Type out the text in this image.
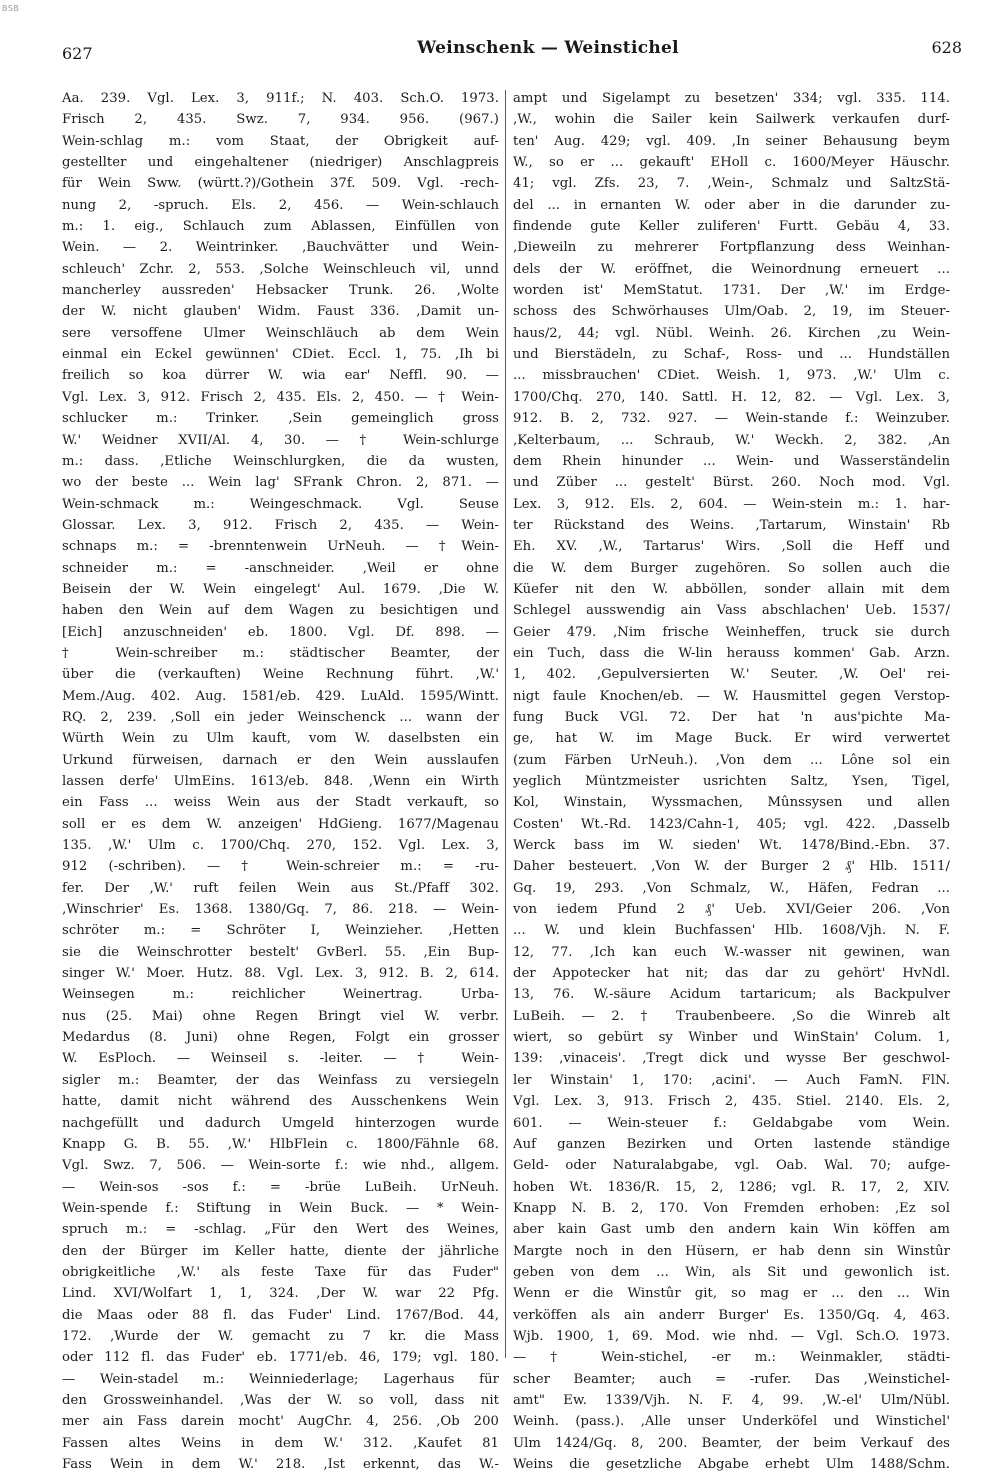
BSB
627	Weinschenk — Weinstichel	628
Aa. 239. Vgl. Lex. 3, 911f.; N. 403. Sch.O. 1973.
Frisch 2, 435. Swz. 7, 934. 956. (967.)
Wein-schlag m.: vom Staat, der Obrigkeit auf-
gestellter und eingehaltener (niedriger) Anschlagpreis
für Wein Sww. (württ.?)/Gothein 37f. 509. Vgl. -rech-
nung 2, -spruch. Els. 2, 456. — Wein-schlauch
m.: 1. eig., Schlauch zum Ablassen, Einfüllen von
Wein. — 2. Weintrinker. ‚Bauchvätter und Wein-
schleuch' Zchr. 2, 553. ‚Solche Weinschleuch vil, unnd
mancherley aussreden' Hebsacker Trunk. 26. ‚Wolte
der W. nicht glauben' Widm. Faust 336. ‚Damit un-
sere versoffene Ulmer Weinschläuch ab dem Wein
einmal ein Eckel gewünnen' CDiet. Eccl. 1, 75. ‚Ih bi
freilich so koa dürrer W. wia ear' Neffl. 90. —
Vgl. Lex. 3, 912. Frisch 2, 435. Els. 2, 450. — † Wein-
schlucker m.: Trinker. ‚Sein gemeinglich gross
W.' Weidner XVII/Al. 4, 30. — † Wein-schlurge
m.: dass. ‚Etliche Weinschlurgken, die da wusten,
wo der beste ... Wein lag' SFrank Chron. 2, 871. —
Wein-schmack m.: Weingeschmack. Vgl. Seuse
Glossar. Lex. 3, 912. Frisch 2, 435. — Wein-
schnaps m.: = -brenntenwein UrNeuh. — †Wein-
schneider m.: = -anschneider. ‚Weil er ohne
Beisein der W. Wein eingelegt' Aul. 1679. ‚Die W.
haben den Wein auf dem Wagen zu besichtigen und
[Eich] anzuschneiden' eb. 1800. Vgl. Df. 898. —
† Wein-schreiber m.: städtischer Beamter, der
über die (verkauften) Weine Rechnung führt. ‚W.'
Mem./Aug. 402. Aug. 1581/eb. 429. LuAld. 1595/Wintt.
RQ. 2, 239. ‚Soll ein jeder Weinschenck ... wann der
Würth Wein zu Ulm kauft, vom W. daselbsten ein
Urkund fürweisen, darnach er den Wein ausslaufen
lassen derfe' UlmEins. 1613/eb. 848. ‚Wenn ein Wirth
ein Fass ... weiss Wein aus der Stadt verkauft, so
soll er es dem W. anzeigen' HdGieng. 1677/Magenau
135. ‚W.' Ulm c. 1700/Chq. 270, 152. Vgl. Lex. 3,
912 (-schriben). — † Wein-schreier m.: = -ru-
fer. Der ‚W.' ruft feilen Wein aus St./Pfaff 302.
‚Winschrier' Es. 1368. 1380/Gq. 7, 86. 218. — Wein-
schröter m.: = Schröter I, Weinzieher. ‚Hetten
sie die Weinschrotter bestelt' GvBerl. 55. ‚Ein Bup-
singer W.' Moer. Hutz. 88. Vgl. Lex. 3, 912. B. 2, 614.
Weinsegen m.: reichlicher Weinertrag. Urba-
nus (25. Mai) ohne Regen Bringt viel W. verbr.
Medardus (8. Juni) ohne Regen, Folgt ein grosser
W. EsPloch. — Weinseil s. -leiter. — † Wein-
sigler m.: Beamter, der das Weinfass zu versiegeln
hatte, damit nicht während des Ausschenkens Wein
nachgefüllt und dadurch Umgeld hinterzogen wurde
Knapp G. B. 55. ‚W.' HlbFlein c. 1800/Fähnle 68.
Vgl. Swz. 7, 506. — Wein-sorte f.: wie nhd., allgem.
— Wein-sos -sos f.: = -brüe LuBeih. UrNeuh.
Wein-spende f.: Stiftung in Wein Buck. — * Wein-
spruch m.: = -schlag. „Für den Wert des Weines,
den der Bürger im Keller hatte, diente der jährliche
obrigkeitliche ‚W.' als feste Taxe für das Fuder"
Lind. XVI/Wolfart 1, 1, 324. ‚Der W. war 22 Pfg.
die Maas oder 88 fl. das Fuder' Lind. 1767/Bod. 44,
172. ‚Wurde der W. gemacht zu 7 kr. die Mass
oder 112 fl. das Fuder' eb. 1771/eb. 46, 179; vgl. 180.
— Wein-stadel m.: Weinniederlage; Lagerhaus für
den Grossweinhandel. ‚Was der W. so voll, dass nit
mer ain Fass darein mocht' AugChr. 4, 256. ‚Ob 200
Fassen altes Weins in dem W.' 312. ‚Kaufet 81
Fass Wein in dem W.' 218. ‚Ist erkennt, das W.-
ampt und Sigelampt zu besetzen' 334; vgl. 335. 114.
‚W., wohin die Sailer kein Sailwerk verkaufen durf-
ten' Aug. 429; vgl. 409. ‚In seiner Behausung beym
W., so er ... gekauft' EHoll c. 1600/Meyer Häuschr.
41; vgl. Zfs. 23, 7. ‚Wein-, Schmalz und SaltzStä-
del ... in ernanten W. oder aber in die darunder zu-
findende gute Keller zuliferen' Furtt. Gebäu 4, 33.
‚Dieweiln zu mehrerer Fortpflanzung dess Weinhan-
dels der W. eröffnet, die Weinordnung erneuert ...
worden ist' MemStatut. 1731. Der ‚W.' im Erdge-
schoss des Schwörhauses Ulm/Oab. 2, 19, im Steuer-
haus/2, 44; vgl. Nübl. Weinh. 26. Kirchen ‚zu Wein-
und Bierstädeln, zu Schaf-, Ross- und ... Hundställen
... missbrauchen' CDiet. Weish. 1, 973. ‚W.' Ulm c.
1700/Chq. 270, 140. Sattl. H. 12, 82. — Vgl. Lex. 3,
912. B. 2, 732. 927. — Wein-stande f.: Weinzuber.
‚Kelterbaum, ... Schraub, W.' Weckh. 2, 382. ‚An
dem Rhein hinunder ... Wein- und Wasserständelin
und Züber ... gestelt' Bürst. 260. Noch mod. Vgl.
Lex. 3, 912. Els. 2, 604. — Wein-stein m.: 1. har-
ter Rückstand des Weins. ‚Tartarum, Winstain' Rb
Eh. XV. ‚W., Tartarus' Wirs. ‚Soll die Heff und
die W. dem Burger zugehören. So sollen auch die
Küefer nit den W. abböllen, sonder allain mit dem
Schlegel ausswendig ain Vass abschlachen' Ueb. 1537/
Geier 479. ‚Nim frische Weinheffen, truck sie durch
ein Tuch, dass die W-lin herauss kommen' Gab. Arzn.
1, 402. ‚Gepulversierten W.' Seuter. ‚W. Oel' rei-
nigt faule Knochen/eb. — W. Hausmittel gegen Verstop-
fung Buck VGl. 72. Der hat 'n aus'pichte Ma-
ge, hat W. im Mage Buck. Er wird verwertet
(zum Färben UrNeuh.). ‚Von dem ... Lône sol ein
yeglich Müntzmeister usrichten Saltz, Ysen, Tigel,
Kol, Winstain, Wyssmachen, Mûnssysen und allen
Costen' Wt.-Rd. 1423/Cahn-1, 405; vgl. 422. ‚Dasselb
Werck bass im W. sieden' Wt. 1478/Bind.-Ebn. 37.
Daher besteuert. ‚Von W. der Burger 2 ₰' Hlb. 1511/
Gq. 19, 293. ‚Von Schmalz, W., Häfen, Fedran ...
von iedem Pfund 2 ₰' Ueb. XVI/Geier 206. ‚Von
... W. und klein Buchfassen' Hlb. 1608/Vjh. N. F.
12, 77. ‚Ich kan euch W.-wasser nit gewinen, wan
der Appotecker hat nit; das dar zu gehört' HvNdl.
13, 76. W.-säure Acidum tartaricum; als Backpulver
LuBeih. — 2. † Traubenbeere. ‚So die Winreb alt
wiert, so gebürt sy Winber und WinStain' Colum. 1,
139: ‚vinaceis'. ‚Tregt dick und wysse Ber geschwol-
ler Winstain' 1, 170: ‚acini'. — Auch FamN. FlN.
Vgl. Lex. 3, 913. Frisch 2, 435. Stiel. 2140. Els. 2,
601. — Wein-steuer f.: Geldabgabe vom Wein.
Auf ganzen Bezirken und Orten lastende ständige
Geld- oder Naturalabgabe, vgl. Oab. Wal. 70; aufge-
hoben Wt. 1836/R. 15, 2, 1286; vgl. R. 17, 2, XIV.
Knapp N. B. 2, 170. Von Fremden erhoben: ‚Ez sol
aber kain Gast umb den andern kain Win köffen am
Margte noch in den Hüsern, er hab denn sin Winstûr
geben von dem ... Win, als Sit und gewonlich ist.
Wenn er die Winstûr git, so mag er ... den ... Win
verköffen als ain anderr Burger' Es. 1350/Gq. 4, 463.
Wjb. 1900, 1, 69. Mod. wie nhd. — Vgl. Sch.O. 1973.
— † Wein-stichel, -er m.: Weinmakler, städti-
scher Beamter; auch = -rufer. Das ‚Weinstichel-
amt" Ew. 1339/Vjh. N. F. 4, 99. ‚W.-el' Ulm/Nübl.
Weinh. (pass.). ‚Alle unser Underköfel und Winstichel'
Ulm 1424/Gq. 8, 200. Beamter, der beim Verkauf des
Weins die gesetzliche Abgabe erhebt Ulm 1488/Schm.
